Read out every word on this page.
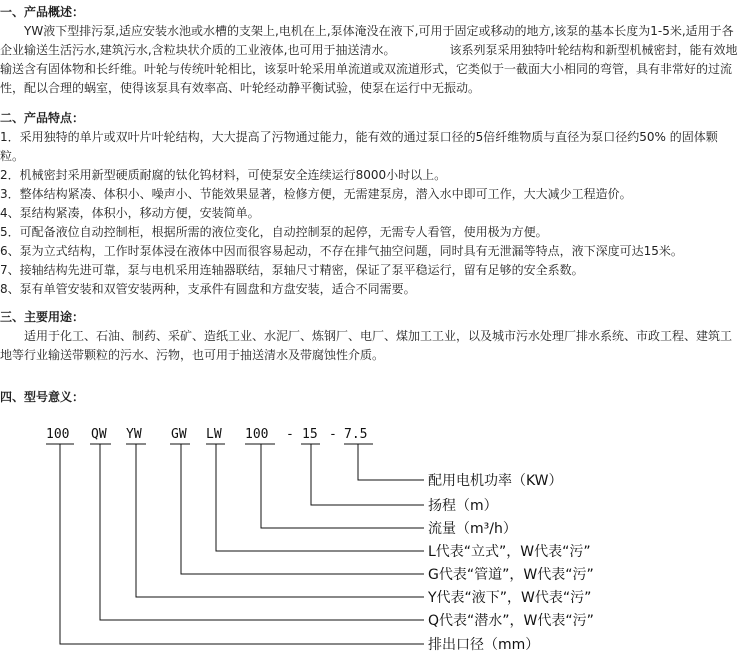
一、产品概述：
YW液下型排污泵,适应安装水池或水槽的支架上,电机在上,泵体淹没在液下,可用于固定或移动的地方,该泵的基本长度为1-5米,适用于各企业输送生活污水,建筑污水,含粒块状介质的工业液体,也可用于抽送清水。　　　　　该系列泵采用独特叶轮结构和新型机械密封，能有效地输送含有固体物和长纤维。叶轮与传统叶轮相比，该泵叶轮采用单流道或双流道形式，它类似于一截面大小相同的弯管，具有非常好的过流性，配以合理的蜗室，使得该泵具有效率高、叶轮经动静平衡试验，使泵在运行中无振动。
二、产品特点：
1．采用独特的单片或双叶片叶轮结构，大大提高了污物通过能力，能有效的通过泵口径的5倍纤维物质与直径为泵口径约50% 的固体颗粒。
2．机械密封采用新型硬质耐腐的钛化钨材料，可使泵安全连续运行8000小时以上。
3．整体结构紧凑、体积小、噪声小、节能效果显著，检修方便，无需建泵房，潜入水中即可工作，大大减少工程造价。
4、泵结构紧凑，体积小，移动方便，安装简单。
5．可配备液位自动控制柜，根据所需的液位变化，自动控制泵的起停，无需专人看管，使用极为方便。
6、泵为立式结构，工作时泵体浸在液体中因而很容易起动，不存在排气抽空问题，同时具有无泄漏等特点，液下深度可达15米。
7、接轴结构先进可靠，泵与电机采用连轴器联结，泵轴尺寸精密，保证了泵平稳运行，留有足够的安全系数。
8、泵有单管安装和双管安装两种，支承件有圆盘和方盘安装，适合不同需要。
三、主要用途：
适用于化工、石油、制药、采矿、造纸工业、水泥厂、炼钢厂、电厂、煤加工工业，以及城市污水处理厂排水系统、市政工程、建筑工地等行业输送带颗粒的污水、污物，也可用于抽送清水及带腐蚀性介质。
四、型号意义：
100 QW YW GW LW 100 - 15 - 7.5
配用电机功率（KW）
扬程（m）
流量（m³/h）
L代表“立式”，W代表“污”
G代表“管道”，W代表“污”
Y代表“液下”，W代表“污”
Q代表“潜水”，W代表“污”
排出口径（mm）
